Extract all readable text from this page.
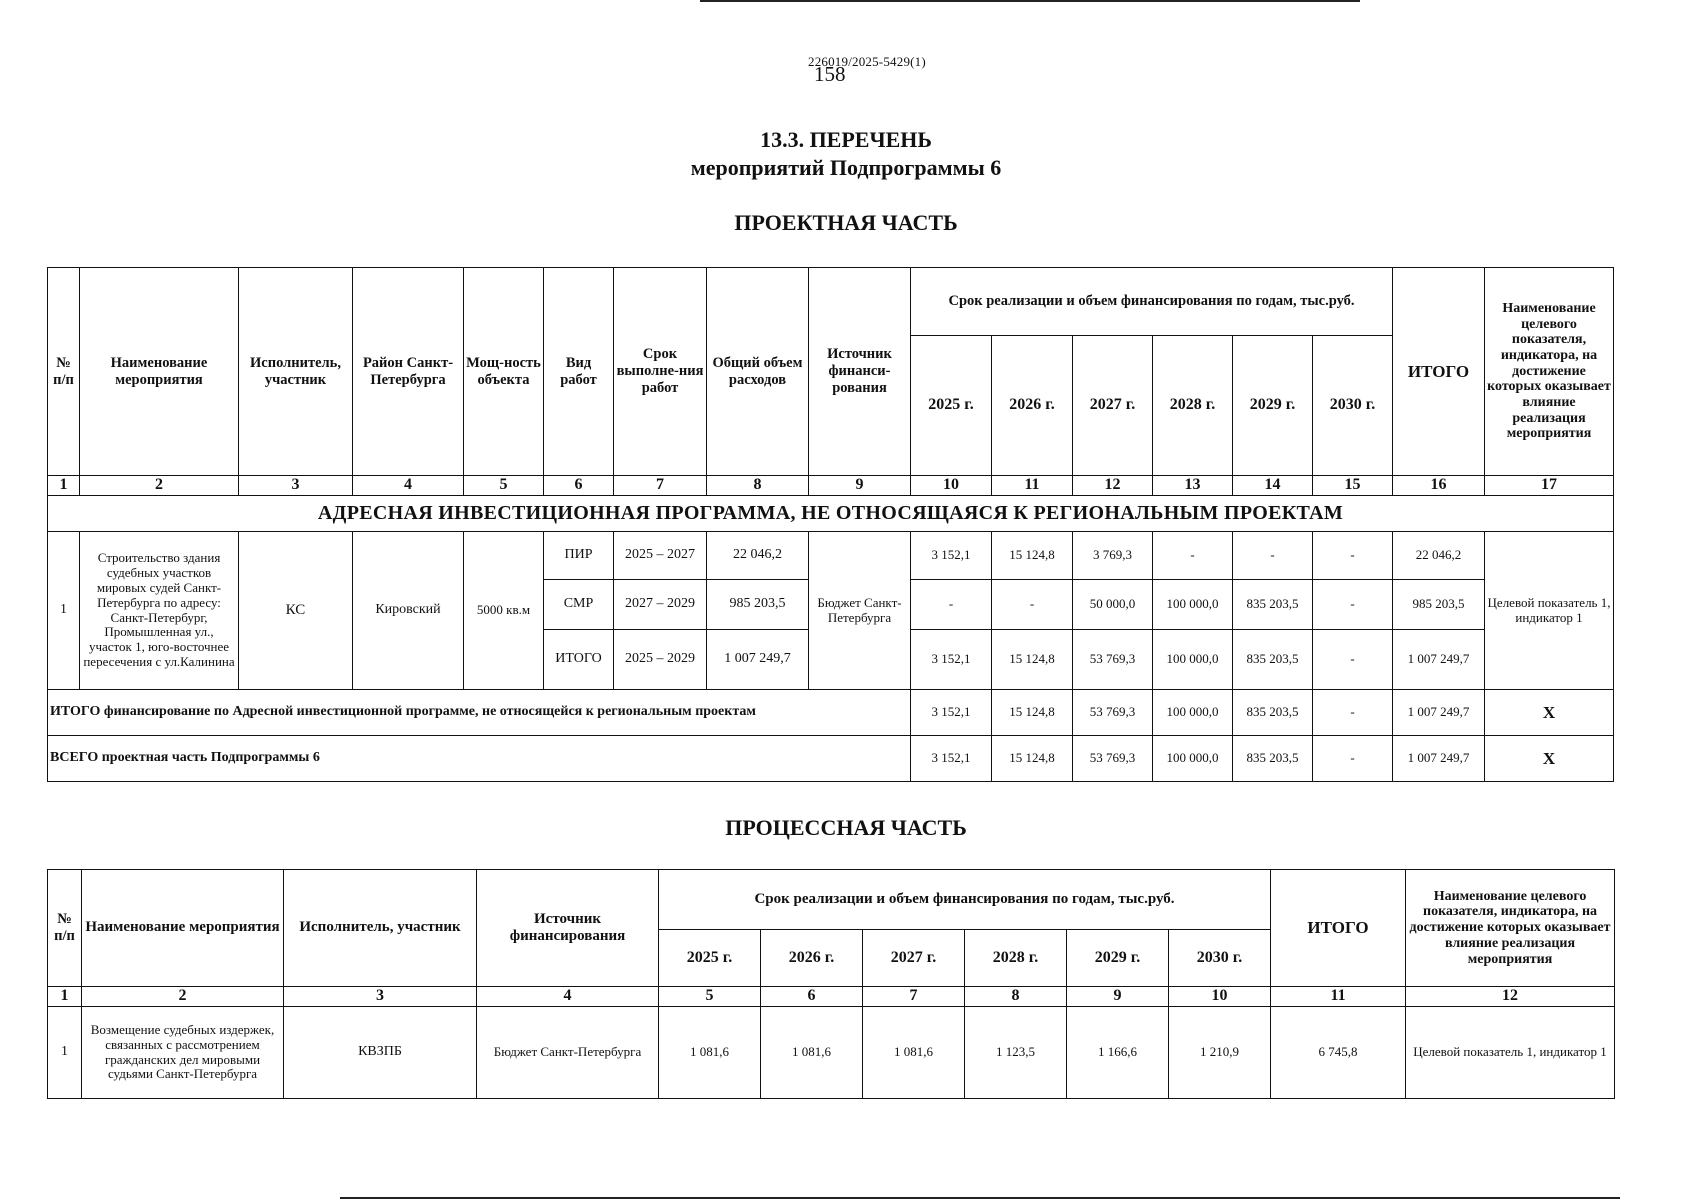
226019/2025-5429(1)
158
13.3. ПЕРЕЧЕНЬ
мероприятий Подпрограммы 6
ПРОЕКТНАЯ ЧАСТЬ
№ п/п	Наименование мероприятия	Исполнитель, участник	Район Санкт-Петербурга	Мощ-ность объекта	Вид работ	Срок выполне-ния работ	Общий объем расходов	Источник финанси-рования	Срок реализации и объем финансирования по годам, тыс.руб.						ИТОГО	Наименование целевого показателя, индикатора, на достижение которых оказывает влияние реализация мероприятия
									2025 г.	2026 г.	2027 г.	2028 г.	2029 г.	2030 г.		
1	2	3	4	5	6	7	8	9	10	11	12	13	14	15	16	17
АДРЕСНАЯ ИНВЕСТИЦИОННАЯ ПРОГРАММА, НЕ ОТНОСЯЩАЯСЯ К РЕГИОНАЛЬНЫМ ПРОЕКТАМ																
1	Строительство здания судебных участков мировых судей Санкт-Петербурга по адресу: Санкт-Петербург, Промышленная ул., участок 1, юго-восточнее пересечения с ул.Калинина	КС	Кировский	5000 кв.м	ПИР	2025 – 2027	22 046,2	Бюджет Санкт-Петербурга	3 152,1	15 124,8	3 769,3	-	-	-	22 046,2	Целевой показатель 1, индикатор 1
					СМР	2027 – 2029	985 203,5		-	-	50 000,0	100 000,0	835 203,5	-	985 203,5	
					ИТОГО	2025 – 2029	1 007 249,7		3 152,1	15 124,8	53 769,3	100 000,0	835 203,5	-	1 007 249,7	
ИТОГО финансирование по Адресной инвестиционной программе, не относящейся к региональным проектам									3 152,1	15 124,8	53 769,3	100 000,0	835 203,5	-	1 007 249,7	Х
ВСЕГО проектная часть Подпрограммы 6									3 152,1	15 124,8	53 769,3	100 000,0	835 203,5	-	1 007 249,7	Х
ПРОЦЕССНАЯ ЧАСТЬ
№ п/п	Наименование мероприятия	Исполнитель, участник	Источник финансирования	Срок реализации и объем финансирования по годам, тыс.руб.						ИТОГО	Наименование целевого показателя, индикатора, на достижение которых оказывает влияние реализация мероприятия
				2025 г.	2026 г.	2027 г.	2028 г.	2029 г.	2030 г.		
1	2	3	4	5	6	7	8	9	10	11	12
1	Возмещение судебных издержек, связанных с рассмотрением гражданских дел мировыми судьями Санкт-Петербурга	КВЗПБ	Бюджет Санкт-Петербурга	1 081,6	1 081,6	1 081,6	1 123,5	1 166,6	1 210,9	6 745,8	Целевой показатель 1, индикатор 1
